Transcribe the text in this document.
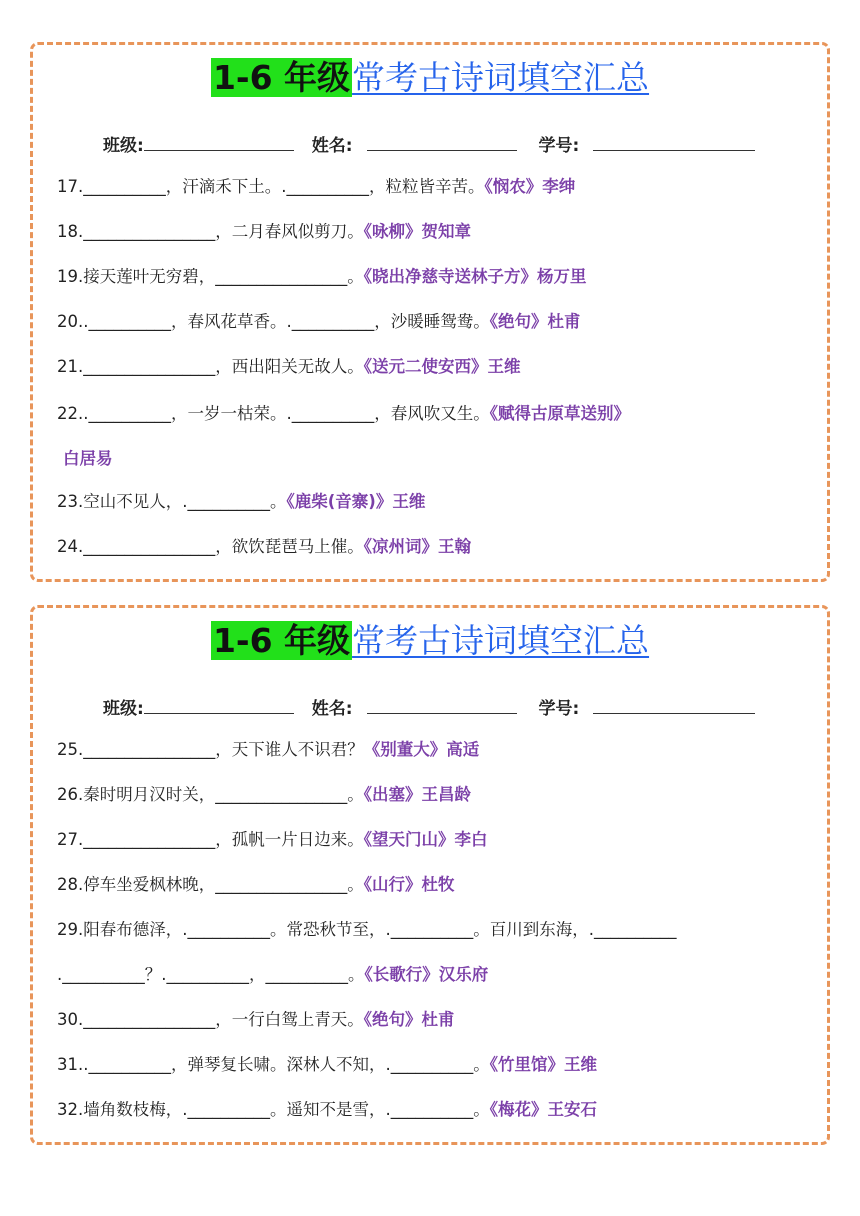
1-6 年级常考古诗词填空汇总
班级:	姓名:	学号:
17.__________，汗滴禾下土。.__________，粒粒皆辛苦。《悯农》李绅
18.________________，二月春风似剪刀。《咏柳》贺知章
19.接天莲叶无穷碧，________________。《晓出净慈寺送林子方》杨万里
20..__________，春风花草香。.__________，沙暖睡鸳鸯。《绝句》杜甫
21.________________，西出阳关无故人。《送元二使安西》王维
22..__________，一岁一枯荣。.__________，春风吹又生。《赋得古原草送别》
白居易
23.空山不见人，.__________。《鹿柴(音寨)》王维
24.________________，欲饮琵琶马上催。《凉州词》王翰
1-6 年级常考古诗词填空汇总
班级:	姓名:	学号:
25.________________，天下谁人不识君？《别董大》高适
26.秦时明月汉时关，________________。《出塞》王昌龄
27.________________，孤帆一片日边来。《望天门山》李白
28.停车坐爱枫林晚，________________。《山行》杜牧
29.阳春布德泽，.__________。常恐秋节至，.__________。百川到东海，.__________
.__________？.__________，__________。《长歌行》汉乐府
30.________________，一行白鸳上青天。《绝句》杜甫
31..__________，弹琴复长啸。深林人不知，.__________。《竹里馆》王维
32.墙角数枝梅，.__________。遥知不是雪，.__________。《梅花》王安石
